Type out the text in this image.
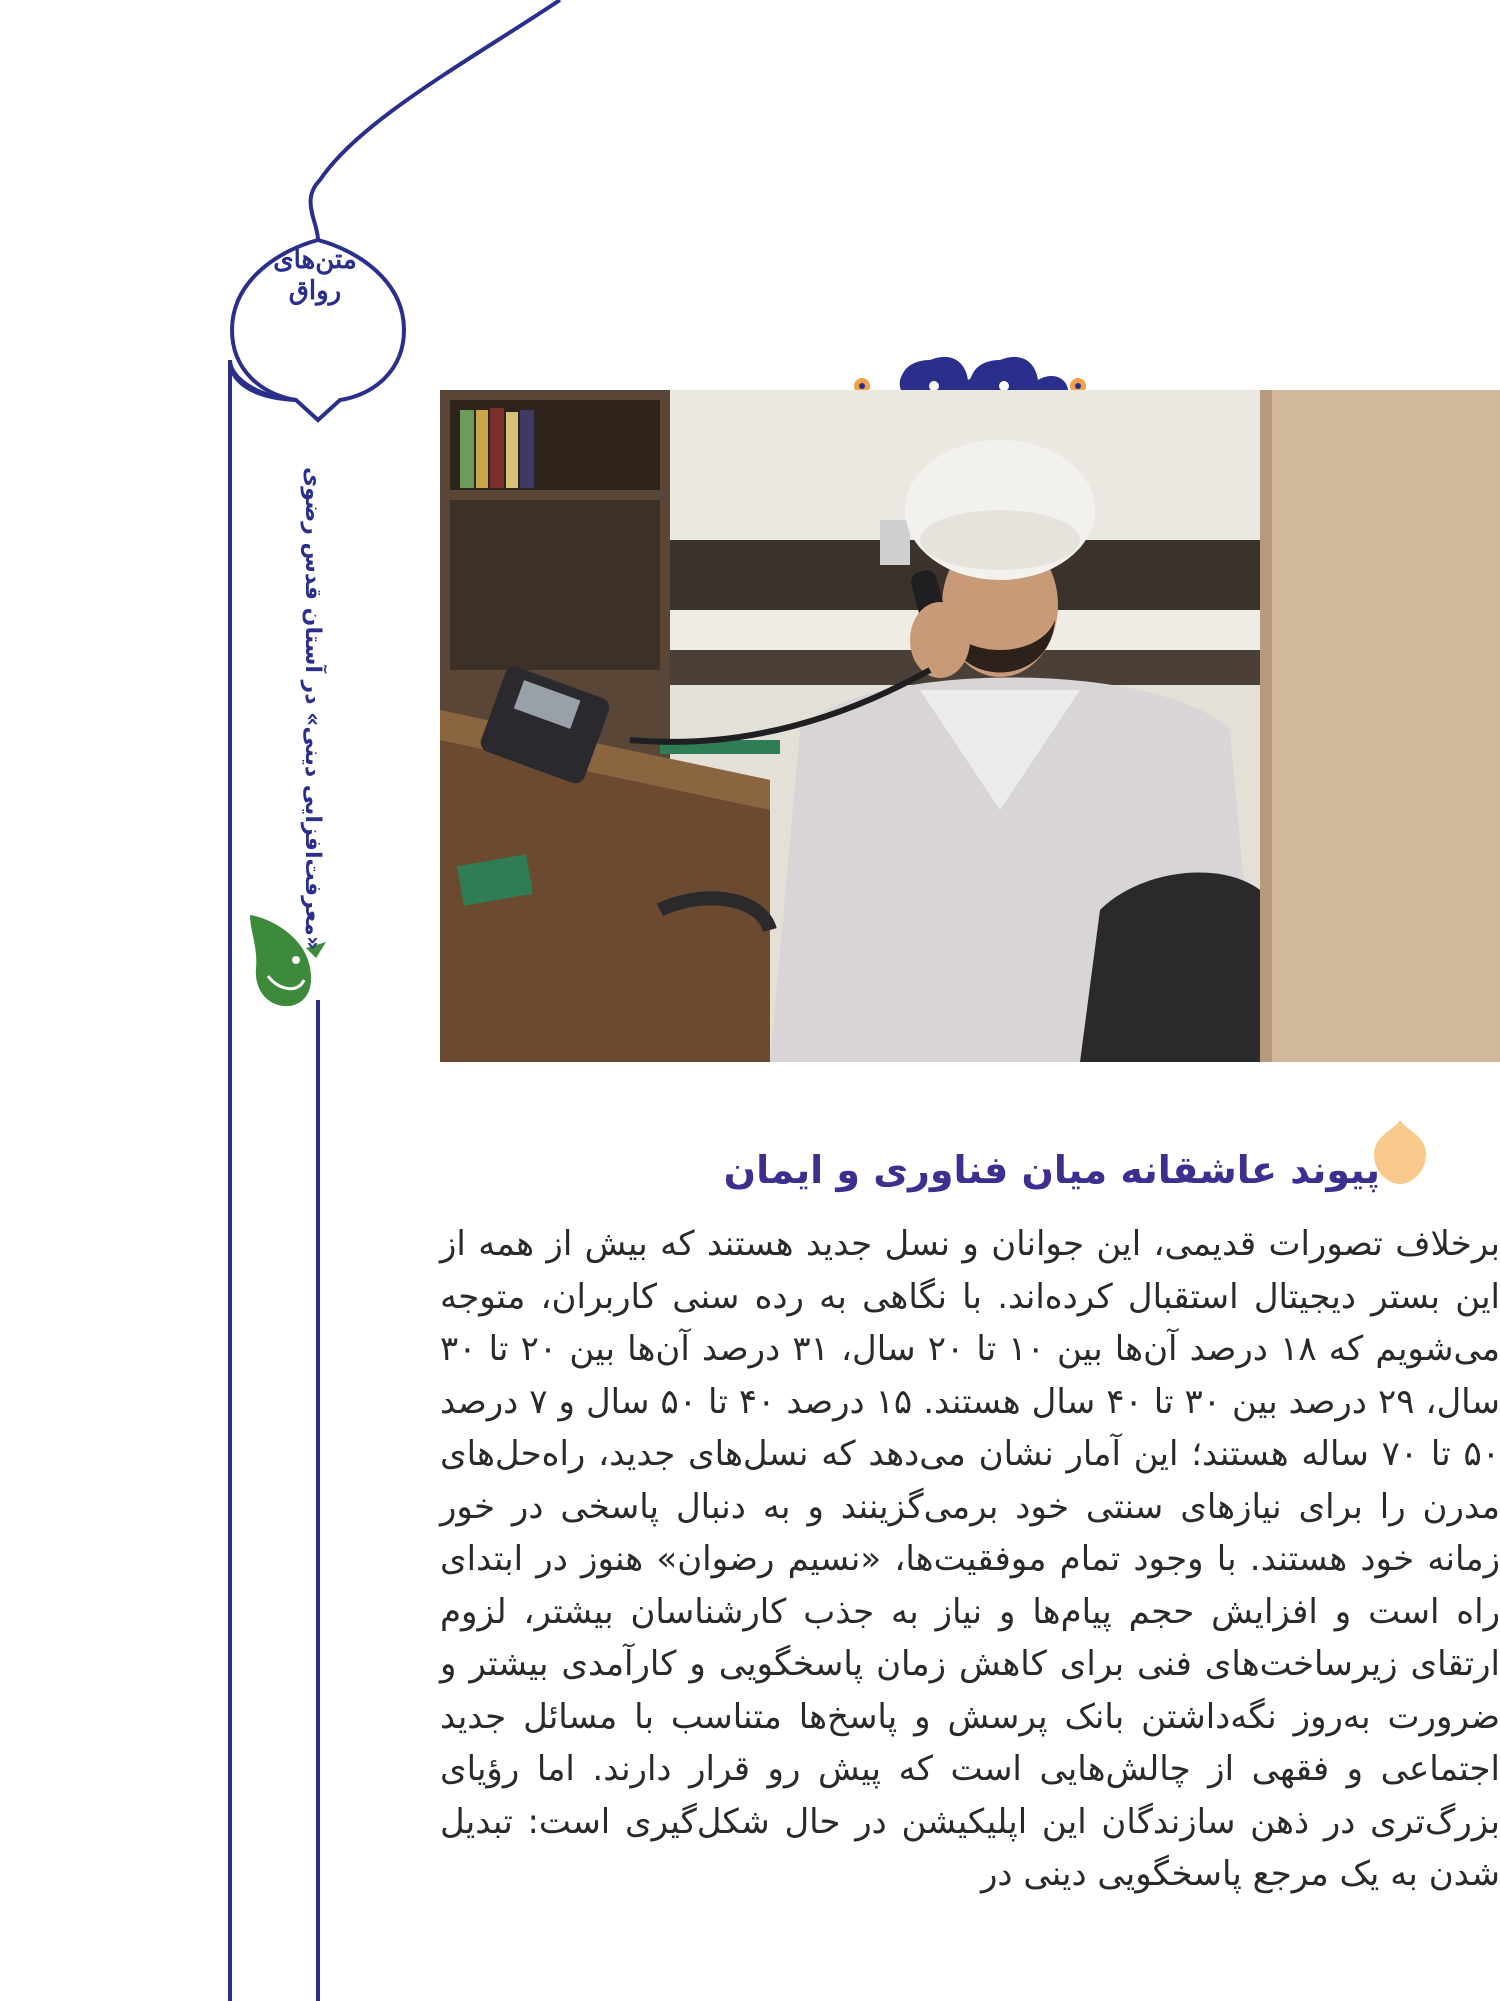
متن‌های رواق
«معرفت‌افزایی دینی» در آستان قدس رضوی
پیوند عاشقانه میان فناوری و ایمان

برخلاف تصورات قدیمی، این جوانان و نسل جدید هستند که بیش از همه از این بستر دیجیتال استقبال کرده‌اند. با نگاهی به رده سنی کاربران، متوجه می‌شویم که ۱۸ درصد آن‌ها بین ۱۰ تا ۲۰ سال، ۳۱ درصد آن‌ها بین ۲۰ تا ۳۰ سال، ۲۹ درصد بین ۳۰ تا ۴۰ سال هستند. ۱۵ درصد ۴۰ تا ۵۰ سال و ۷ درصد ۵۰ تا ۷۰ ساله هستند؛ این آمار نشان می‌دهد که نسل‌های جدید، راه‌حل‌های مدرن را برای نیازهای سنتی خود برمی‌گزینند و به دنبال پاسخی در خور زمانه خود هستند. با وجود تمام موفقیت‌ها، «نسیم رضوان» هنوز در ابتدای راه است و افزایش حجم پیام‌ها و نیاز به جذب کارشناسان بیشتر، لزوم ارتقای زیرساخت‌های فنی برای کاهش زمان پاسخگویی و کارآمدی بیشتر و ضرورت به‌روز نگه‌داشتن بانک پرسش و پاسخ‌ها متناسب با مسائل جدید اجتماعی و فقهی از چالش‌هایی است که پیش رو قرار دارند. اما رؤیای بزرگ‌تری در ذهن سازندگان این اپلیکیشن در حال شکل‌گیری است: تبدیل شدن به یک مرجع پاسخگویی دینی در
